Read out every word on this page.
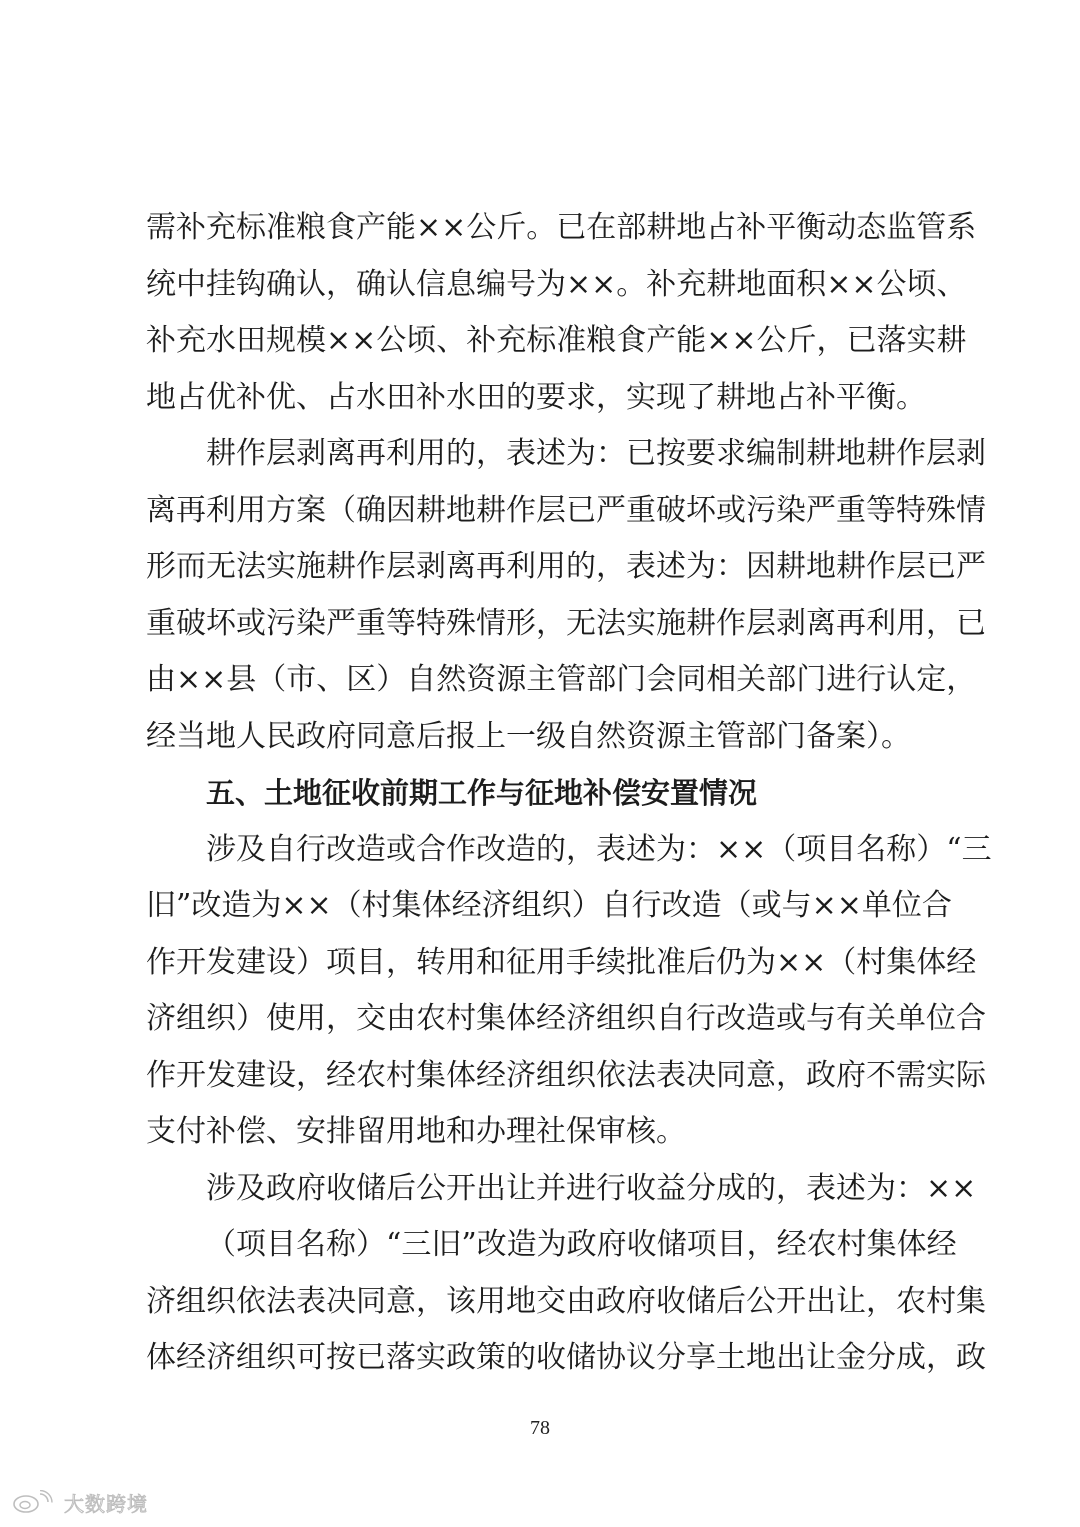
需补充标准粮食产能××公斤。已在部耕地占补平衡动态监管系
统中挂钩确认，确认信息编号为××。补充耕地面积××公顷、
补充水田规模××公顷、补充标准粮食产能××公斤，已落实耕
地占优补优、占水田补水田的要求，实现了耕地占补平衡。
耕作层剥离再利用的，表述为：已按要求编制耕地耕作层剥
离再利用方案（确因耕地耕作层已严重破坏或污染严重等特殊情
形而无法实施耕作层剥离再利用的，表述为：因耕地耕作层已严
重破坏或污染严重等特殊情形，无法实施耕作层剥离再利用，已
由××县（市、区）自然资源主管部门会同相关部门进行认定，
经当地人民政府同意后报上一级自然资源主管部门备案）。
五、土地征收前期工作与征地补偿安置情况
涉及自行改造或合作改造的，表述为：××（项目名称）“三
旧”改造为××（村集体经济组织）自行改造（或与××单位合
作开发建设）项目，转用和征用手续批准后仍为××（村集体经
济组织）使用，交由农村集体经济组织自行改造或与有关单位合
作开发建设，经农村集体经济组织依法表决同意，政府不需实际
支付补偿、安排留用地和办理社保审核。
涉及政府收储后公开出让并进行收益分成的，表述为：××
（项目名称）“三旧”改造为政府收储项目，经农村集体经
济组织依法表决同意，该用地交由政府收储后公开出让，农村集
体经济组织可按已落实政策的收储协议分享土地出让金分成，政
78
大数跨境
